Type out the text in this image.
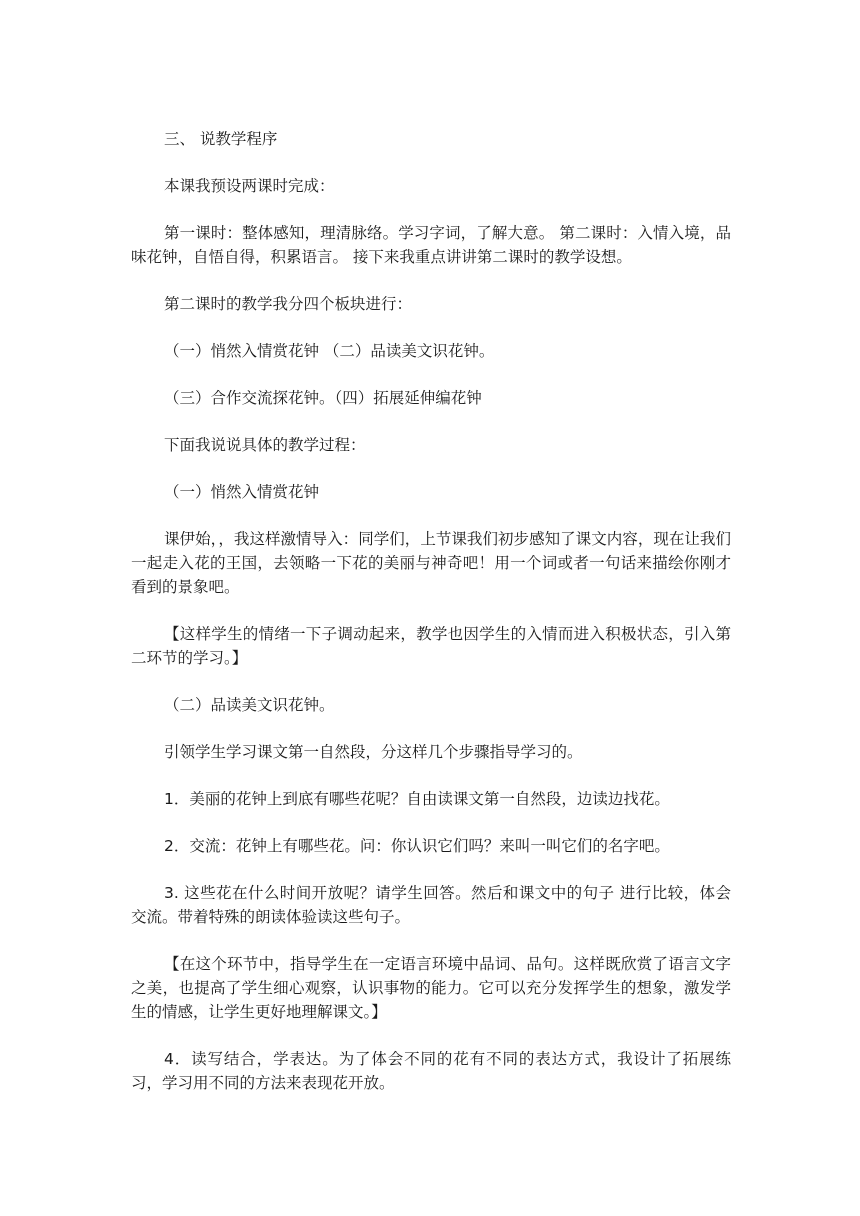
三、 说教学程序

本课我预设两课时完成：

第一课时：整体感知，理清脉络。学习字词，了解大意。 第二课时：入情入境，品味花钟，自悟自得，积累语言。 接下来我重点讲讲第二课时的教学设想。

第二课时的教学我分四个板块进行：

（一）悄然入情赏花钟 （二）品读美文识花钟。

（三）合作交流探花钟。（四）拓展延伸编花钟

下面我说说具体的教学过程：

（一）悄然入情赏花钟

课伊始，，我这样激情导入：同学们，上节课我们初步感知了课文内容，现在让我们一起走入花的王国，去领略一下花的美丽与神奇吧！用一个词或者一句话来描绘你刚才看到的景象吧。

【这样学生的情绪一下子调动起来，教学也因学生的入情而进入积极状态，引入第二环节的学习。】

（二）品读美文识花钟。

引领学生学习课文第一自然段，分这样几个步骤指导学习的。

1．美丽的花钟上到底有哪些花呢？自由读课文第一自然段，边读边找花。

2．交流：花钟上有哪些花。问：你认识它们吗？来叫一叫它们的名字吧。

3. 这些花在什么时间开放呢？请学生回答。然后和课文中的句子 进行比较，体会交流。带着特殊的朗读体验读这些句子。

【在这个环节中，指导学生在一定语言环境中品词、品句。这样既欣赏了语言文字之美，也提高了学生细心观察，认识事物的能力。它可以充分发挥学生的想象，激发学生的情感，让学生更好地理解课文。】

4．读写结合，学表达。为了体会不同的花有不同的表达方式，我设计了拓展练习，学习用不同的方法来表现花开放。
